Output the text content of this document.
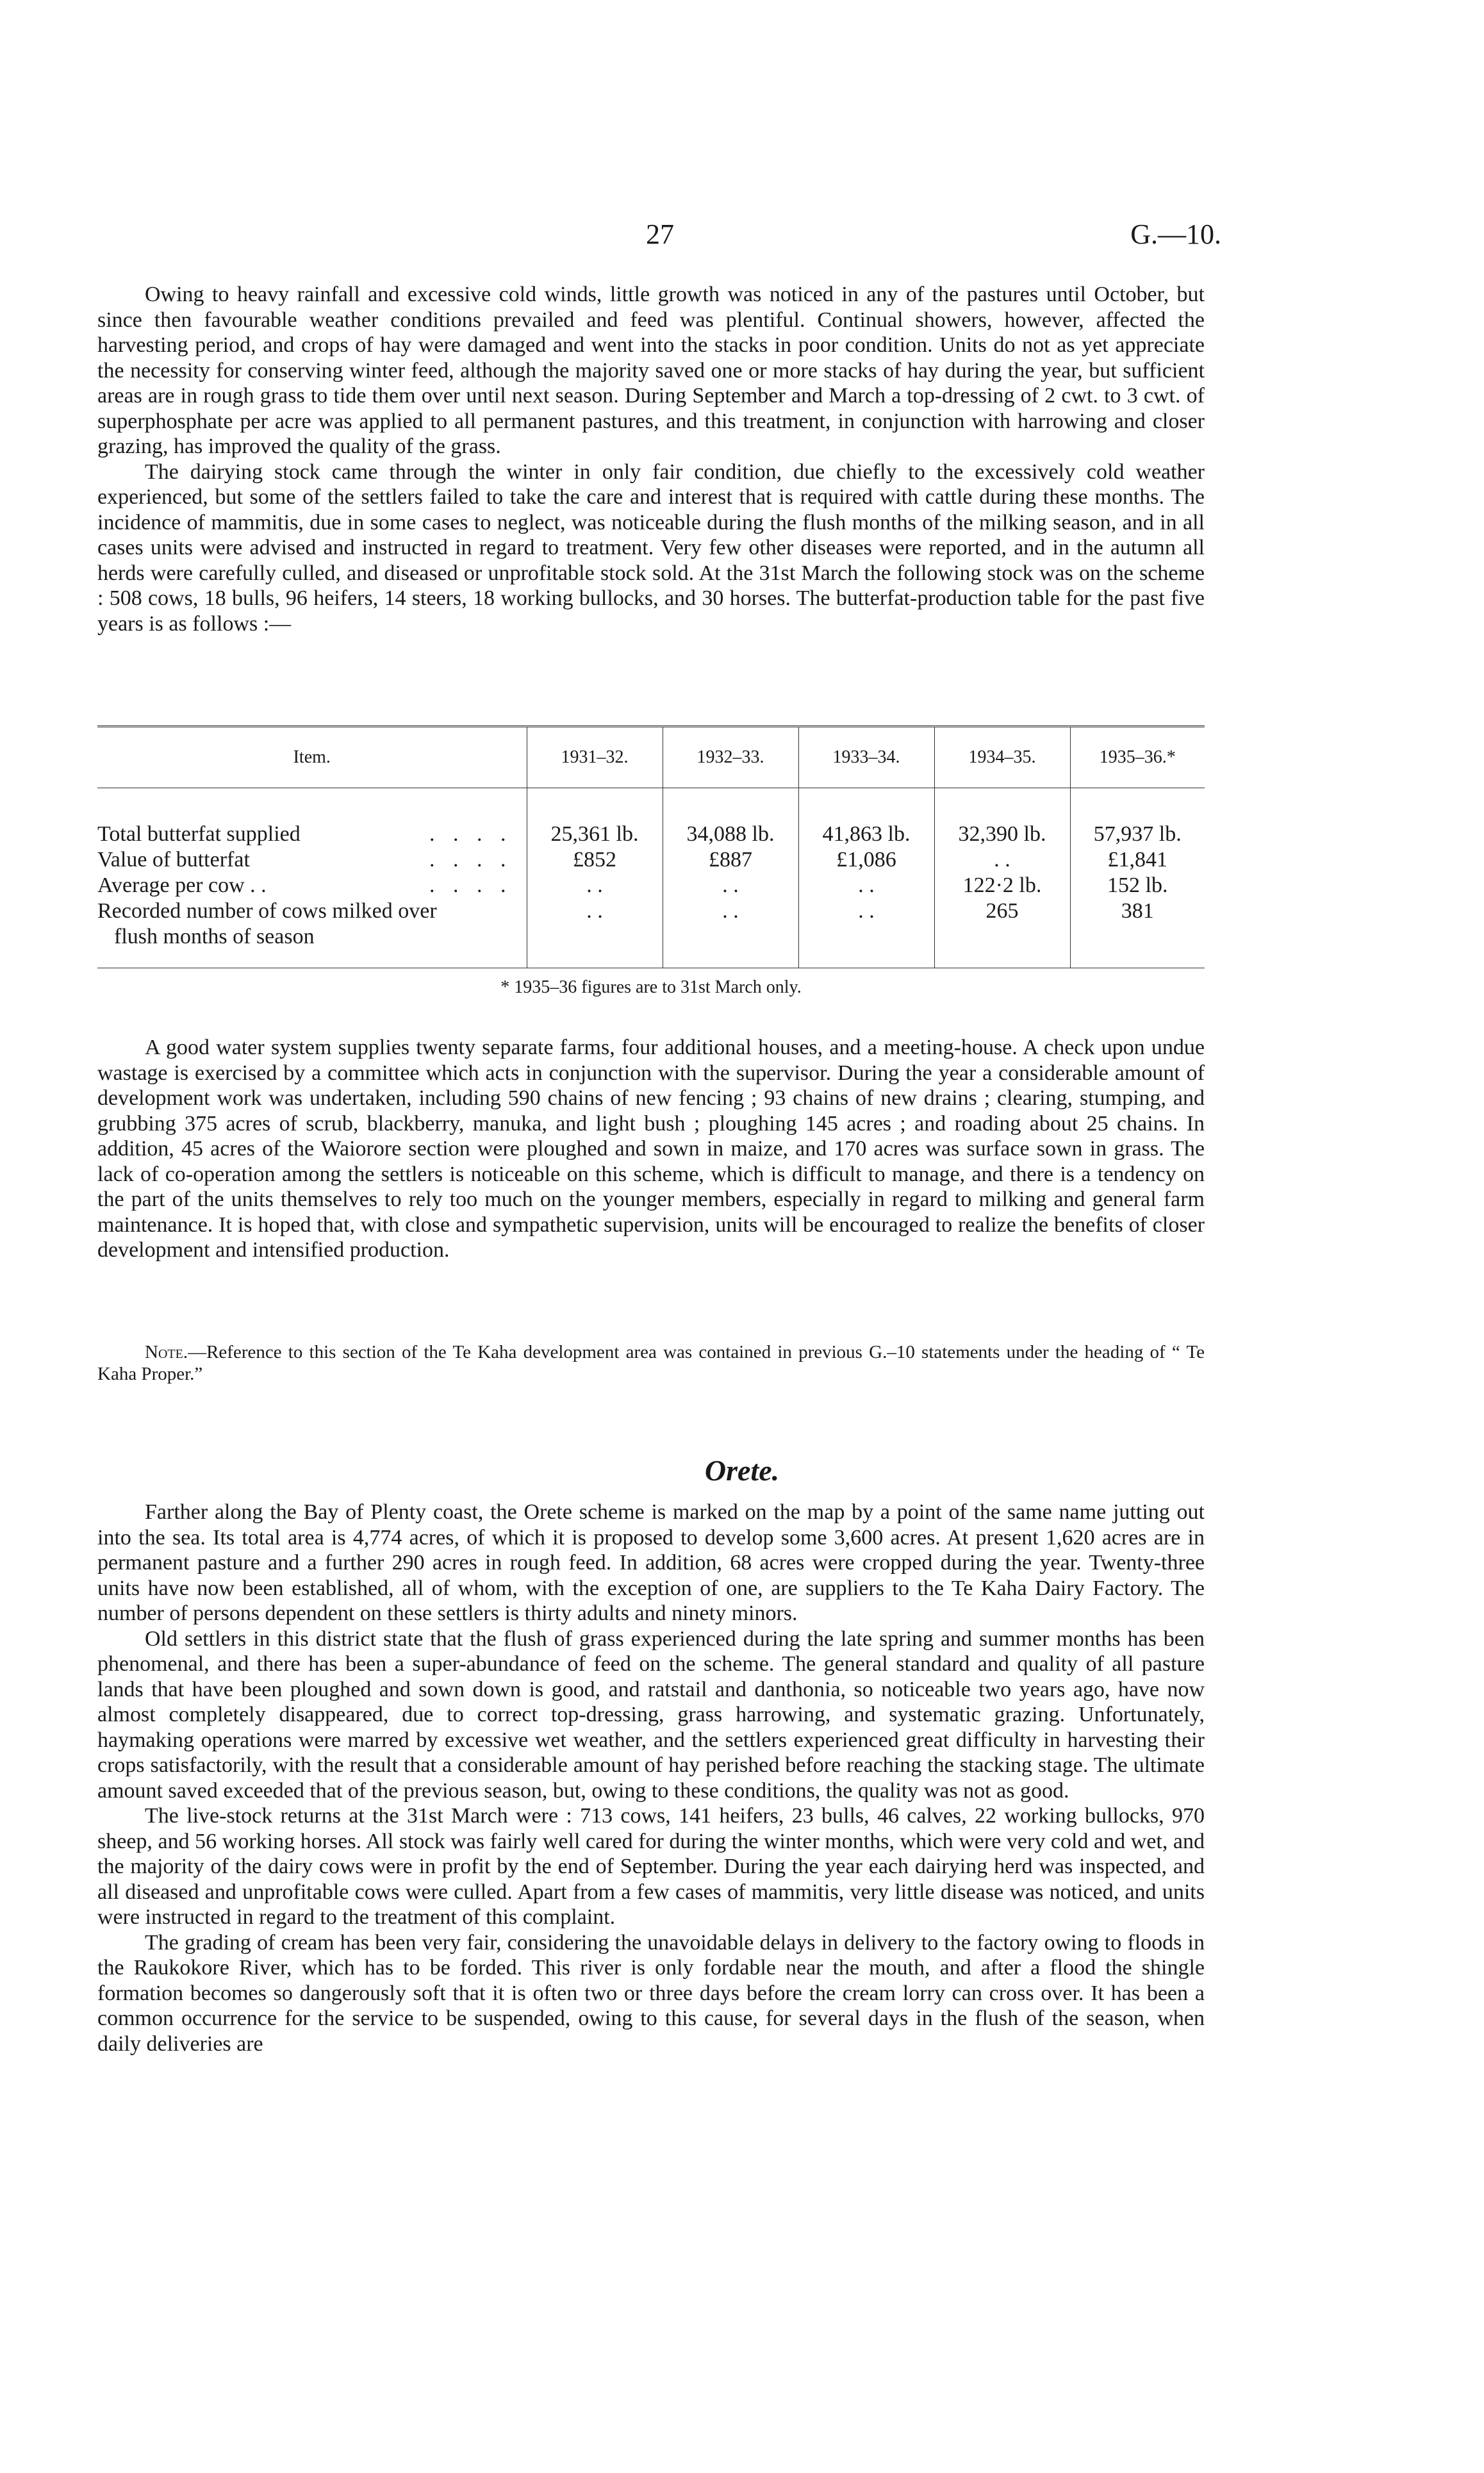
27	G.—10.

Owing to heavy rainfall and excessive cold winds, little growth was noticed in any of the pastures until October, but since then favourable weather conditions prevailed and feed was plentiful. Continual showers, however, affected the harvesting period, and crops of hay were damaged and went into the stacks in poor condition. Units do not as yet appreciate the necessity for conserving winter feed, although the majority saved one or more stacks of hay during the year, but sufficient areas are in rough grass to tide them over until next season. During September and March a top-dressing of 2 cwt. to 3 cwt. of superphosphate per acre was applied to all permanent pastures, and this treatment, in conjunction with harrowing and closer grazing, has improved the quality of the grass.

The dairying stock came through the winter in only fair condition, due chiefly to the excessively cold weather experienced, but some of the settlers failed to take the care and interest that is required with cattle during these months. The incidence of mammitis, due in some cases to neglect, was noticeable during the flush months of the milking season, and in all cases units were advised and instructed in regard to treatment. Very few other diseases were reported, and in the autumn all herds were carefully culled, and diseased or unprofitable stock sold. At the 31st March the following stock was on the scheme : 508 cows, 18 bulls, 96 heifers, 14 steers, 18 working bullocks, and 30 horses. The butterfat-production table for the past five years is as follows :—

Item.	1931–32.	1932–33.	1933–34.	1934–35.	1935–36.*

Total butterfat supplied . . . .	25,361 lb.	34,088 lb.	41,863 lb.	32,390 lb.	57,937 lb.

Value of butterfat . . . .	£852	£887	£1,086	. .	£1,841

Average per cow . . . . . .	. .	. .	. .	122·2 lb.	152 lb.

Recorded number of cows milked over
flush months of season	. .	. .	. .	265	381
* 1935–36 figures are to 31st March only.

A good water system supplies twenty separate farms, four additional houses, and a meeting-house. A check upon undue wastage is exercised by a committee which acts in conjunction with the supervisor. During the year a considerable amount of development work was undertaken, including 590 chains of new fencing ; 93 chains of new drains ; clearing, stumping, and grubbing 375 acres of scrub, blackberry, manuka, and light bush ; ploughing 145 acres ; and roading about 25 chains. In addition, 45 acres of the Waiorore section were ploughed and sown in maize, and 170 acres was surface sown in grass. The lack of co-operation among the settlers is noticeable on this scheme, which is difficult to manage, and there is a tendency on the part of the units themselves to rely too much on the younger members, especially in regard to milking and general farm maintenance. It is hoped that, with close and sympathetic supervision, units will be encouraged to realize the benefits of closer development and intensified production.

Note.—Reference to this section of the Te Kaha development area was contained in previous G.–10 statements under the heading of “ Te Kaha Proper.”
Orete.

Farther along the Bay of Plenty coast, the Orete scheme is marked on the map by a point of the same name jutting out into the sea. Its total area is 4,774 acres, of which it is proposed to develop some 3,600 acres. At present 1,620 acres are in permanent pasture and a further 290 acres in rough feed. In addition, 68 acres were cropped during the year. Twenty-three units have now been established, all of whom, with the exception of one, are suppliers to the Te Kaha Dairy Factory. The number of persons dependent on these settlers is thirty adults and ninety minors.

Old settlers in this district state that the flush of grass experienced during the late spring and summer months has been phenomenal, and there has been a super-abundance of feed on the scheme. The general standard and quality of all pasture lands that have been ploughed and sown down is good, and ratstail and danthonia, so noticeable two years ago, have now almost completely disappeared, due to correct top-dressing, grass harrowing, and systematic grazing. Unfortunately, haymaking operations were marred by excessive wet weather, and the settlers experienced great difficulty in harvesting their crops satisfactorily, with the result that a considerable amount of hay perished before reaching the stacking stage. The ultimate amount saved exceeded that of the previous season, but, owing to these conditions, the quality was not as good.

The live-stock returns at the 31st March were : 713 cows, 141 heifers, 23 bulls, 46 calves, 22 working bullocks, 970 sheep, and 56 working horses. All stock was fairly well cared for during the winter months, which were very cold and wet, and the majority of the dairy cows were in profit by the end of September. During the year each dairying herd was inspected, and all diseased and unprofitable cows were culled. Apart from a few cases of mammitis, very little disease was noticed, and units were instructed in regard to the treatment of this complaint.

The grading of cream has been very fair, considering the unavoidable delays in delivery to the factory owing to floods in the Raukokore River, which has to be forded. This river is only fordable near the mouth, and after a flood the shingle formation becomes so dangerously soft that it is often two or three days before the cream lorry can cross over. It has been a common occurrence for the service to be suspended, owing to this cause, for several days in the flush of the season, when daily deliveries are
